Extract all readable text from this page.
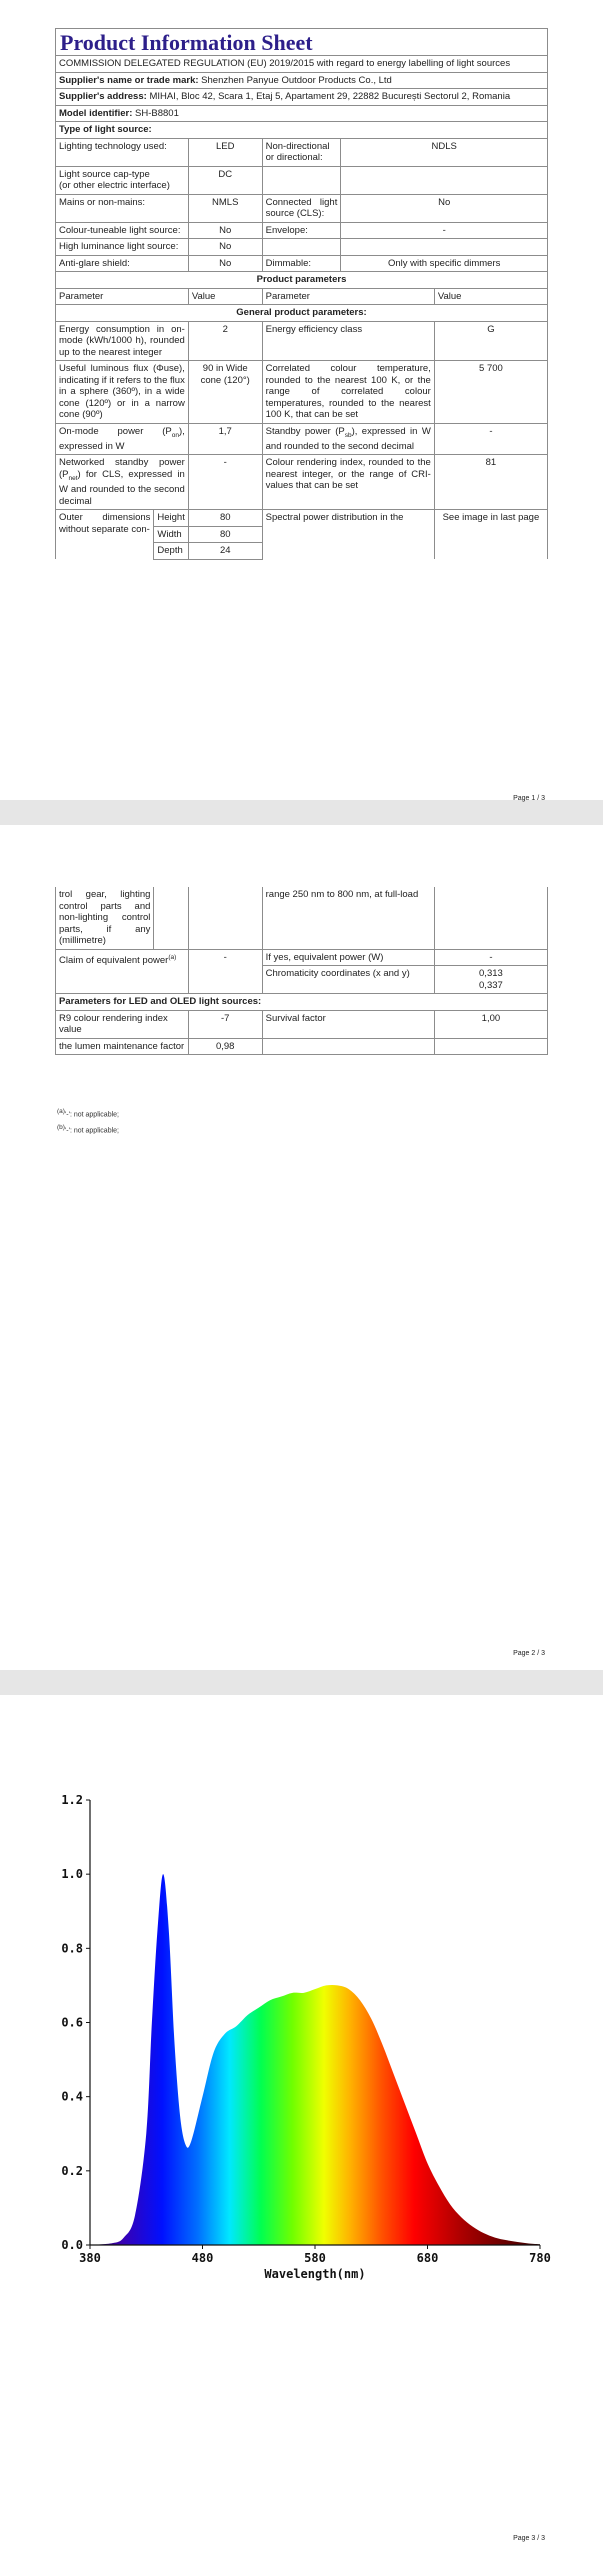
Product Information Sheet					

COMMISSION DELEGATED REGULATION (EU) 2019/2015 with regard to energy labelling of light sources					
Supplier's name or trade mark: Shenzhen Panyue Outdoor Products Co., Ltd					
Supplier's address: MIHAI, Bloc 42, Scara 1, Etaj 5, Apartament 29, 22882 București Sectorul 2, Romania					
Model identifier: SH-B8801					
Type of light source:					
Lighting technology used:		LED	Non-directional or directional:	NDLS	
Light source cap-type
(or other electric interface)		DC			
Mains or non-mains:		NMLS	Connected light source (CLS):	No	
Colour-tuneable light source:		No	Envelope:	-	
High luminance light source:		No			
Anti-glare shield:		No	Dimmable:	Only with specific dimmers	
Product parameters					
Parameter		Value	Parameter		Value
General product parameters:					
Energy consumption in on-mode (kWh/1000 h), rounded up to the nearest integer		2	Energy efficiency class		G
Useful luminous flux (Φuse), indicating if it refers to the flux in a sphere (360º), in a wide cone (120º) or in a narrow cone (90º)		90 in Wide cone (120°)	Correlated colour temperature, rounded to the nearest 100 K, or the range of correlated colour temperatures, rounded to the nearest 100 K, that can be set		5 700
On-mode power $(P_{on})$, expressed in W		1,7	Standby power $(P_{sb})$, expressed in W and rounded to the second decimal		-
Networked standby power $(P_{net})$ for CLS, expressed in W and rounded to the second decimal		-	Colour rendering index, rounded to the nearest integer, or the range of CRI-values that can be set		81
Outer dimensions without separate con-	Height	80	Spectral power distribution in the		See image in last page
	Width	80			
	Depth	24			
Page 1 / 3
trol gear, lighting control parts and non-lighting control parts, if any (millimetre)			range 250 nm to 800 nm, at full-load	
Claim of equivalent power$^{(a)}$		-	If yes, equivalent power (W)	-
			Chromaticity coordinates (x and y)	0,313
0,337
Parameters for LED and OLED light sources:				
R9 colour rendering index value		-7	Survival factor	1,00
the lumen maintenance factor		0,98		
$^{(a)}$'-': not applicable;
$^{(b)}$'-': not applicable;
Page 2 / 3
380	480	580	680	780
0.0
0.2
0.4
0.6
0.8
1.0
1.2
Wavelength(nm)
Page 3 / 3
